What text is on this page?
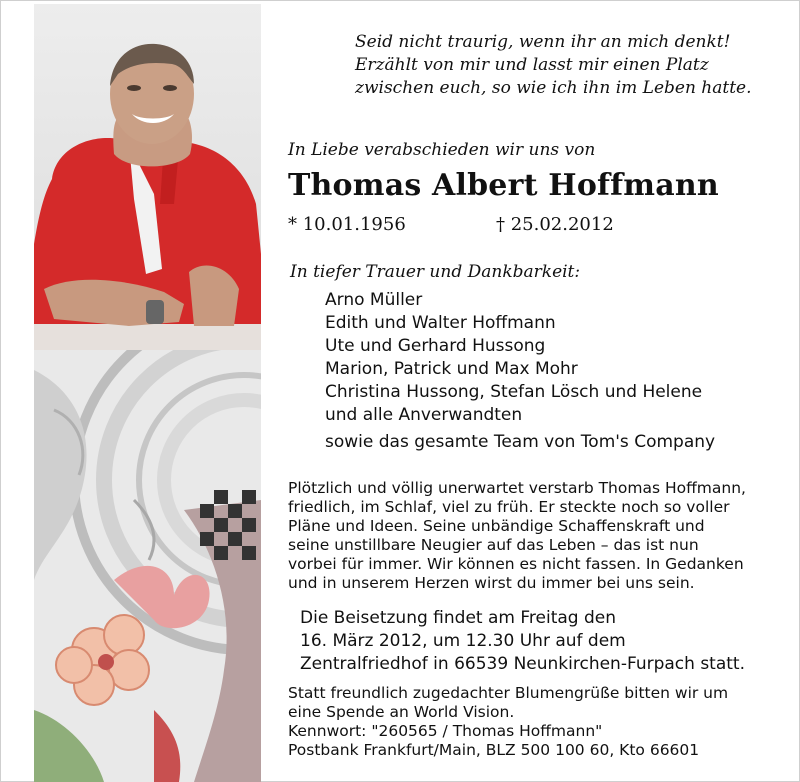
Seid nicht traurig, wenn ihr an mich denkt!
Erzählt von mir und lasst mir einen Platz
zwischen euch, so wie ich ihn im Leben hatte.
In Liebe verabschieden wir uns von
Thomas Albert Hoffmann
* 10.01.1956	† 25.02.2012
In tiefer Trauer und Dankbarkeit:
Arno Müller
Edith und Walter Hoffmann
Ute und Gerhard Hussong
Marion, Patrick und Max Mohr
Christina Hussong, Stefan Lösch und Helene
und alle Anverwandten
sowie das gesamte Team von Tom's Company
Plötzlich und völlig unerwartet verstarb Thomas Hoffmann,
friedlich, im Schlaf, viel zu früh. Er steckte noch so voller
Pläne und Ideen. Seine unbändige Schaffenskraft und
seine unstillbare Neugier auf das Leben – das ist nun
vorbei für immer. Wir können es nicht fassen. In Gedanken
und in unserem Herzen wirst du immer bei uns sein.
Die Beisetzung findet am Freitag den
16. März 2012, um 12.30 Uhr auf dem
Zentralfriedhof in 66539 Neunkirchen-Furpach statt.
Statt freundlich zugedachter Blumengrüße bitten wir um
eine Spende an World Vision.
Kennwort: "260565 / Thomas Hoffmann"
Postbank Frankfurt/Main, BLZ 500 100 60, Kto 66601
